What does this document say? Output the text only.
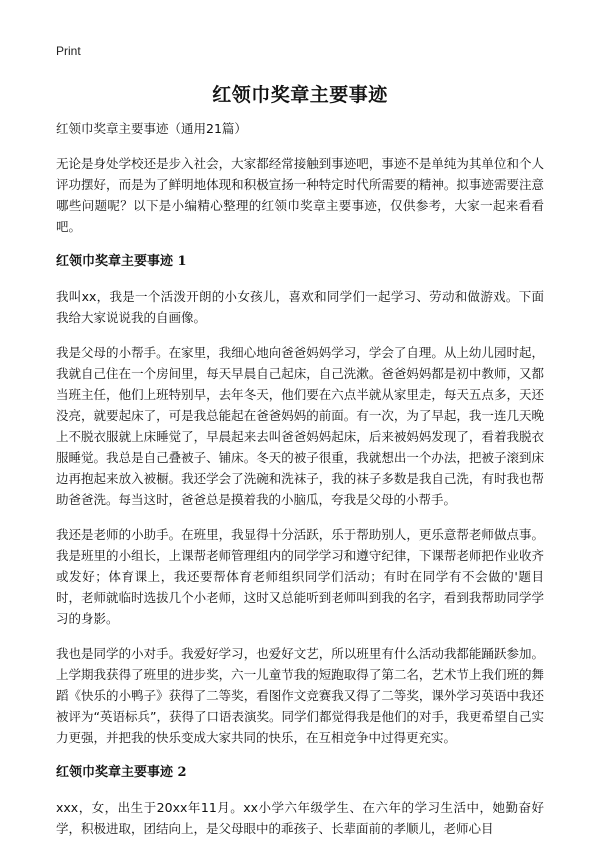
Print
红领巾奖章主要事迹

红领巾奖章主要事迹（通用21篇）

无论是身处学校还是步入社会，大家都经常接触到事迹吧，事迹不是单纯为其单位和个人评功摆好，而是为了鲜明地体现和积极宣扬一种特定时代所需要的精神。拟事迹需要注意哪些问题呢？以下是小编精心整理的红领巾奖章主要事迹，仅供参考，大家一起来看看吧。

红领巾奖章主要事迹 1

我叫xx，我是一个活泼开朗的小女孩儿，喜欢和同学们一起学习、劳动和做游戏。下面我给大家说说我的自画像。

我是父母的小帮手。在家里，我细心地向爸爸妈妈学习，学会了自理。从上幼儿园时起，我就自己住在一个房间里，每天早晨自己起床，自己洗漱。爸爸妈妈都是初中教师，又都当班主任，他们上班特别早，去年冬天，他们要在六点半就从家里走，每天五点多，天还没亮，就要起床了，可是我总能起在爸爸妈妈的前面。有一次，为了早起，我一连几天晚上不脱衣服就上床睡觉了，早晨起来去叫爸爸妈妈起床，后来被妈妈发现了，看着我脱衣服睡觉。我总是自己叠被子、铺床。冬天的被子很重，我就想出一个办法，把被子滚到床边再抱起来放入被橱。我还学会了洗碗和洗袜子，我的袜子多数是我自己洗，有时我也帮助爸爸洗。每当这时，爸爸总是摸着我的小脑瓜，夸我是父母的小帮手。

我还是老师的小助手。在班里，我显得十分活跃，乐于帮助别人，更乐意帮老师做点事。我是班里的小组长，上课帮老师管理组内的同学学习和遵守纪律，下课帮老师把作业收齐或发好；体育课上，我还要帮体育老师组织同学们活动；有时在同学有不会做的'题目时，老师就临时选拔几个小老师，这时又总能听到老师叫到我的名字，看到我帮助同学学习的身影。

我也是同学的小对手。我爱好学习，也爱好文艺，所以班里有什么活动我都能踊跃参加。上学期我获得了班里的进步奖，六一儿童节我的短跑取得了第二名，艺术节上我们班的舞蹈《快乐的小鸭子》获得了二等奖，看图作文竞赛我又得了二等奖，课外学习英语中我还被评为“英语标兵”，获得了口语表演奖。同学们都觉得我是他们的对手，我更希望自己实力更强，并把我的快乐变成大家共同的快乐，在互相竞争中过得更充实。

红领巾奖章主要事迹 2

xxx，女，出生于20xx年11月。xx小学六年级学生、在六年的学习生活中，她勤奋好学，积极进取，团结向上，是父母眼中的乖孩子、长辈面前的孝顺儿，老师心目
